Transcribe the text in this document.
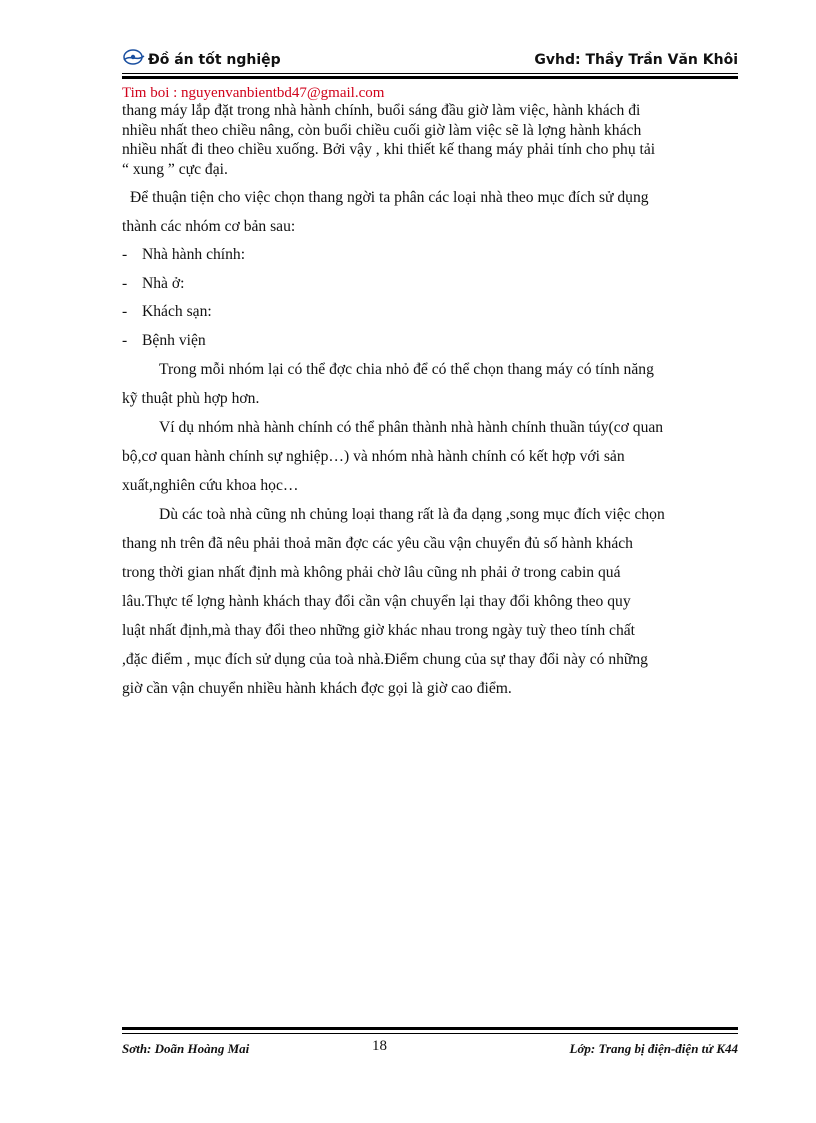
Đồ án tốt nghiệp	Gvhd: Thầy Trần Văn Khôi
Tim boi : nguyenvanbientbd47@gmail.com

thang máy lắp đặt trong nhà hành chính, buổi sáng đầu giờ làm việc, hành khách đi

nhiều nhất theo chiều nâng, còn buổi chiều cuối giờ làm việc sẽ là lợng hành khách

nhiều nhất đi theo chiều xuống. Bởi vậy , khi thiết kế thang máy phải tính cho phụ tải

“ xung ” cực đại.

Để thuận tiện cho việc chọn thang ngời ta phân các loại nhà theo mục đích sử dụng
thành các nhóm cơ bản sau:
- Nhà hành chính:
- Nhà ở:
- Khách sạn:
- Bệnh viện
Trong mỗi nhóm lại có thể đợc chia nhỏ để có thể chọn thang máy có tính năng
kỹ thuật phù hợp hơn.
Ví dụ nhóm nhà hành chính có thể phân thành nhà hành chính thuần túy(cơ quan
bộ,cơ quan hành chính sự nghiệp…) và nhóm nhà hành chính có kết hợp với sản
xuất,nghiên cứu khoa học…
Dù các toà nhà cũng nh chủng loại thang rất là đa dạng ,song mục đích việc chọn
thang nh trên đã nêu phải thoả mãn đợc các yêu cầu vận chuyển đủ số hành khách
trong thời gian nhất định mà không phải chờ lâu cũng nh phải ở trong cabin quá
lâu.Thực tế lợng hành khách thay đổi cần vận chuyển lại thay đổi không theo quy
luật nhất định,mà thay đổi theo những giờ khác nhau trong ngày tuỳ theo tính chất
,đặc điểm , mục đích sử dụng của toà nhà.Điểm chung của sự thay đổi này có những
giờ cần vận chuyển nhiều hành khách đợc gọi là giờ cao điểm.
Sơth: Doãn Hoàng Mai	18	Lớp: Trang bị điện-điện tử K44
